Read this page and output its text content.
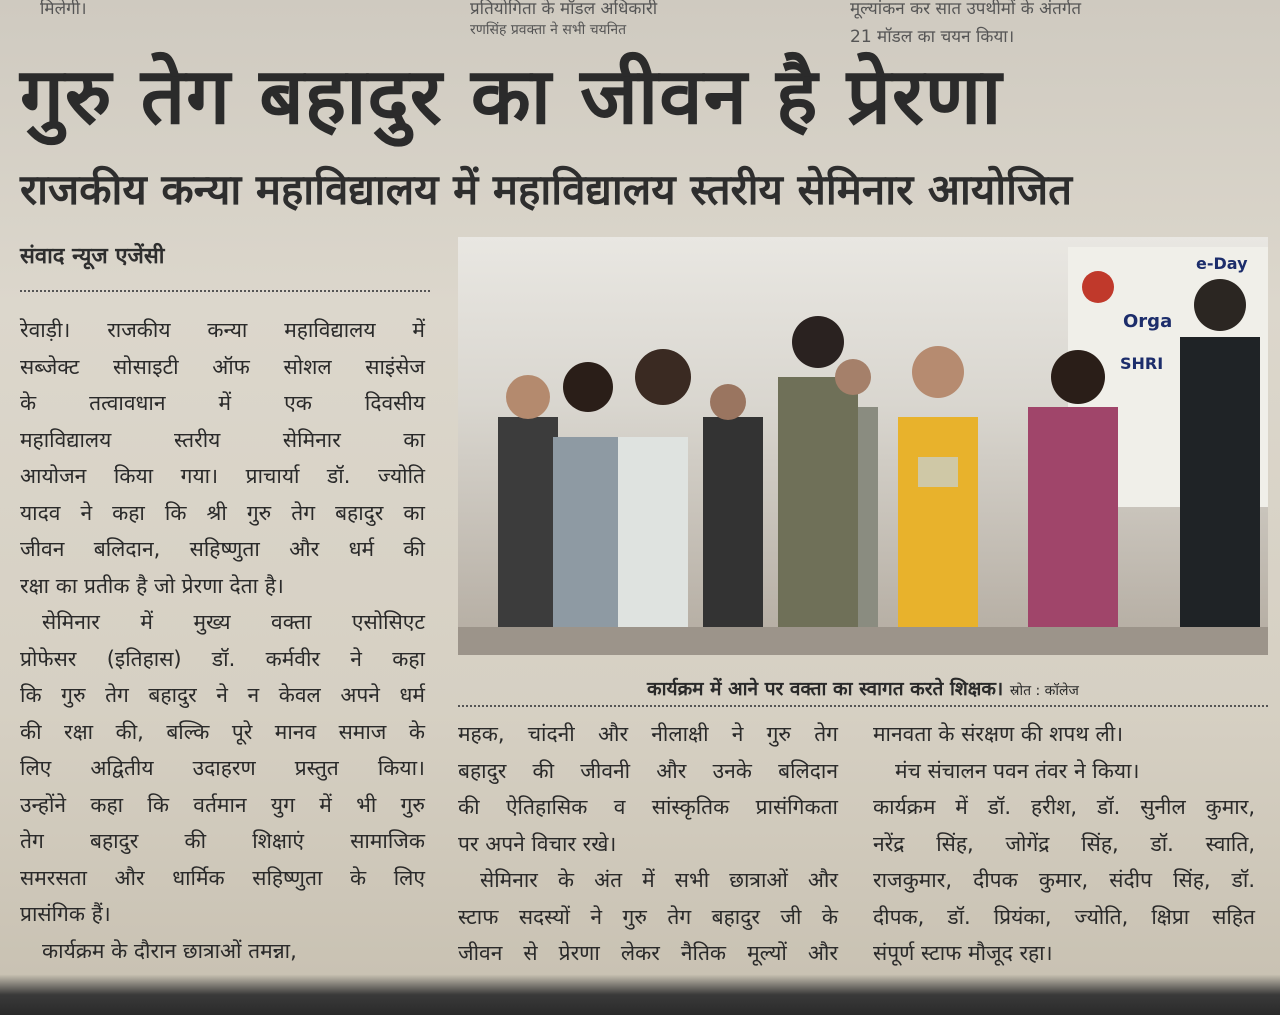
मिलेगी।	प्रतियोगिता के मॉडल अधिकारी
रणसिंह प्रवक्ता ने सभी चयनित
मूल्यांकन कर सात उपथीमों के अंतर्गत
21 मॉडल का चयन किया।
गुरु तेग बहादुर का जीवन है प्रेरणा
राजकीय कन्या महाविद्यालय में महाविद्यालय स्तरीय सेमिनार आयोजित
संवाद न्यूज एजेंसी
रेवाड़ी। राजकीय कन्या महाविद्यालय में
सब्जेक्ट सोसाइटी ऑफ सोशल साइंसेज
के तत्वावधान में एक दिवसीय
महाविद्यालय स्तरीय सेमिनार का
आयोजन किया गया। प्राचार्या डॉ. ज्योति
यादव ने कहा कि श्री गुरु तेग बहादुर का
जीवन बलिदान, सहिष्णुता और धर्म की
रक्षा का प्रतीक है जो प्रेरणा देता है।
सेमिनार में मुख्य वक्ता एसोसिएट
प्रोफेसर (इतिहास) डॉ. कर्मवीर ने कहा
कि गुरु तेग बहादुर ने न केवल अपने धर्म
की रक्षा की, बल्कि पूरे मानव समाज के
लिए अद्वितीय उदाहरण प्रस्तुत किया।
उन्होंने कहा कि वर्तमान युग में भी गुरु
तेग बहादुर की शिक्षाएं सामाजिक
समरसता और धार्मिक सहिष्णुता के लिए
प्रासंगिक हैं।
कार्यक्रम के दौरान छात्राओं तमन्ना,
Orga
SHRI
e-Day
कार्यक्रम में आने पर वक्ता का स्वागत करते शिक्षक। स्रोत : कॉलेज
महक, चांदनी और नीलाक्षी ने गुरु तेग
बहादुर की जीवनी और उनके बलिदान
की ऐतिहासिक व सांस्कृतिक प्रासंगिकता
पर अपने विचार रखे।
सेमिनार के अंत में सभी छात्राओं और
स्टाफ सदस्यों ने गुरु तेग बहादुर जी के
जीवन से प्रेरणा लेकर नैतिक मूल्यों और
मानवता के संरक्षण की शपथ ली।
मंच संचालन पवन तंवर ने किया।
कार्यक्रम में डॉ. हरीश, डॉ. सुनील कुमार,
नरेंद्र सिंह, जोगेंद्र सिंह, डॉ. स्वाति,
राजकुमार, दीपक कुमार, संदीप सिंह, डॉ.
दीपक, डॉ. प्रियंका, ज्योति, क्षिप्रा सहित
संपूर्ण स्टाफ मौजूद रहा।
